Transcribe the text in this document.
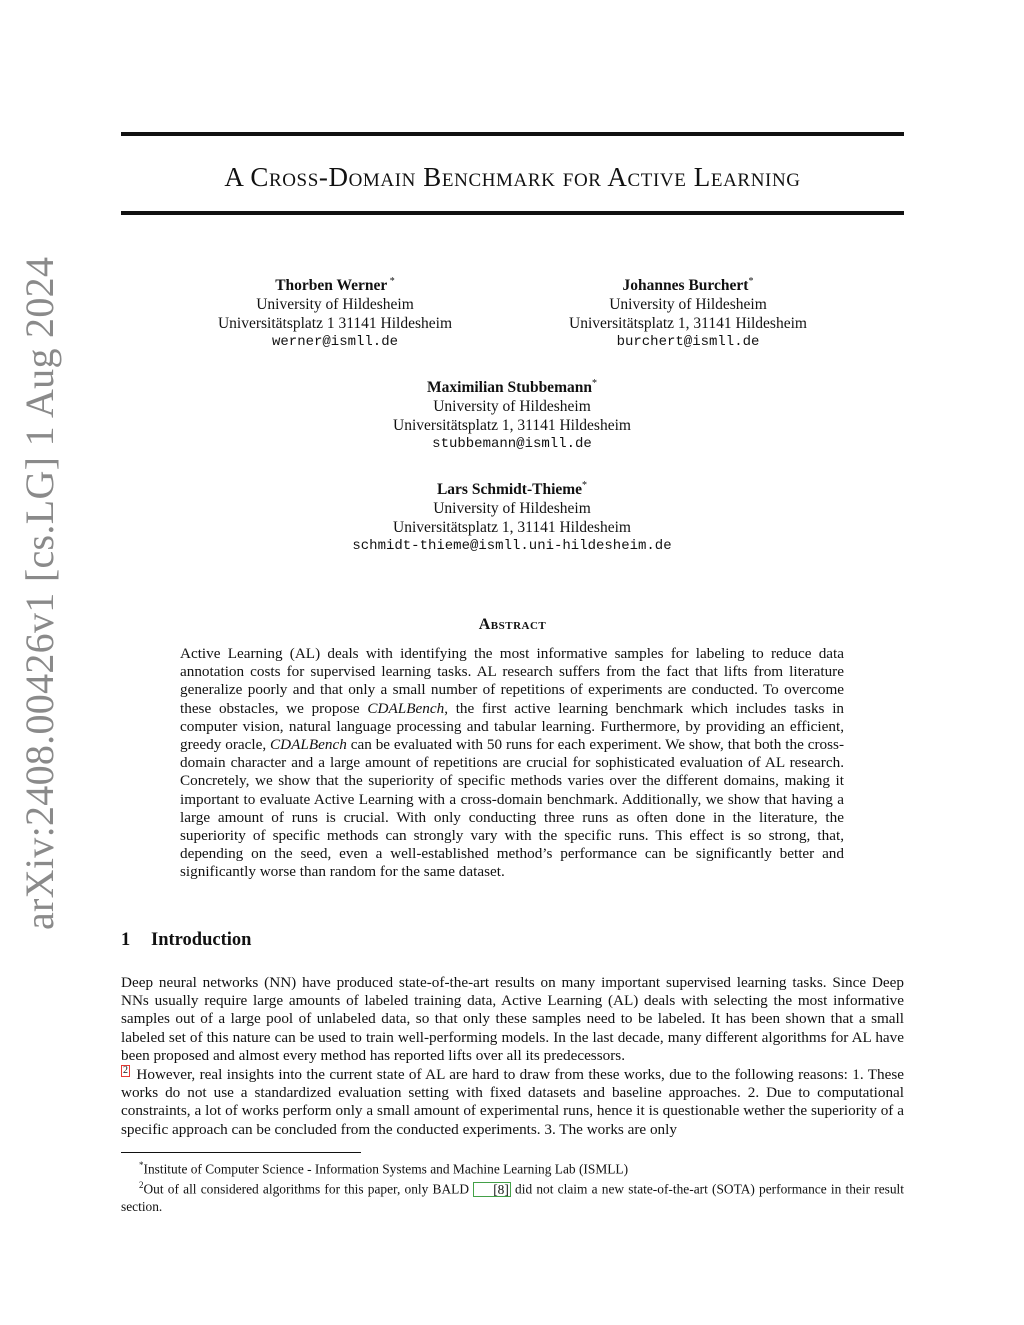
arXiv:2408.00426v1 [cs.LG] 1 Aug 2024
A Cross-Domain Benchmark for Active Learning
Thorben Werner *
University of Hildesheim
Universitätsplatz 1 31141 Hildesheim
werner@ismll.de
Johannes Burchert*
University of Hildesheim
Universitätsplatz 1, 31141 Hildesheim
burchert@ismll.de
Maximilian Stubbemann*
University of Hildesheim
Universitätsplatz 1, 31141 Hildesheim
stubbemann@ismll.de
Lars Schmidt-Thieme*
University of Hildesheim
Universitätsplatz 1, 31141 Hildesheim
schmidt-thieme@ismll.uni-hildesheim.de
Abstract
Active Learning (AL) deals with identifying the most informative samples for labeling to reduce data annotation costs for supervised learning tasks. AL research suffers from the fact that lifts from literature generalize poorly and that only a small number of repetitions of experiments are conducted. To overcome these obstacles, we propose CDALBench, the first active learning benchmark which includes tasks in computer vision, natural language processing and tabular learning. Furthermore, by providing an efficient, greedy oracle, CDALBench can be evaluated with 50 runs for each experiment. We show, that both the cross-domain character and a large amount of repetitions are crucial for sophisticated evaluation of AL research. Concretely, we show that the superiority of specific methods varies over the different domains, making it important to evaluate Active Learning with a cross-domain benchmark. Additionally, we show that having a large amount of runs is crucial. With only conducting three runs as often done in the literature, the superiority of specific methods can strongly vary with the specific runs. This effect is so strong, that, depending on the seed, even a well-established method’s performance can be significantly better and significantly worse than random for the same dataset.
1 Introduction
Deep neural networks (NN) have produced state-of-the-art results on many important supervised learning tasks. Since Deep NNs usually require large amounts of labeled training data, Active Learning (AL) deals with selecting the most informative samples out of a large pool of unlabeled data, so that only these samples need to be labeled. It has been shown that a small labeled set of this nature can be used to train well-performing models. In the last decade, many different algorithms for AL have been proposed and almost every method has reported lifts over all its predecessors.
2 However, real insights into the current state of AL are hard to draw from these works, due to the following reasons: 1. These works do not use a standardized evaluation setting with fixed datasets and baseline approaches. 2. Due to computational constraints, a lot of works perform only a small amount of experimental runs, hence it is questionable wether the superiority of a specific approach can be concluded from the conducted experiments. 3. The works are only

*Institute of Computer Science - Information Systems and Machine Learning Lab (ISMLL)

$^2$Out of all considered algorithms for this paper, only BALD [8] did not claim a new state-of-the-art (SOTA) performance in their result section.
